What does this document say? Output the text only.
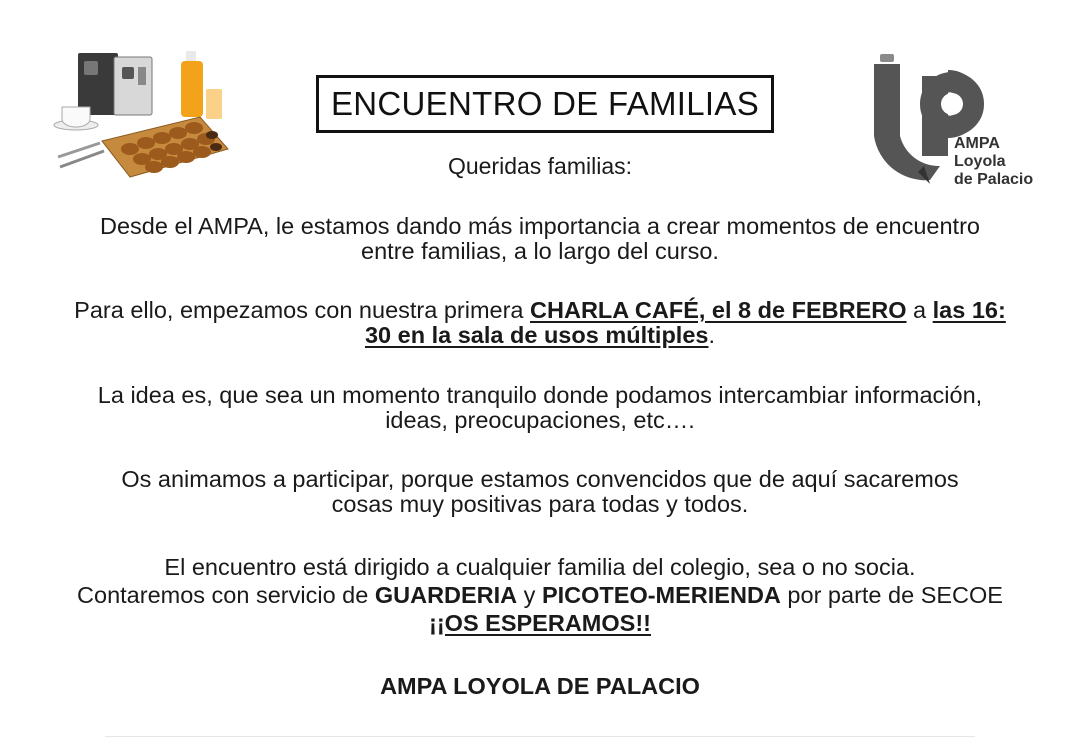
ENCUENTRO DE FAMILIAS
AMPA
Loyola
de Palacio

Queridas familias:

Desde el AMPA, le estamos dando más importancia a crear momentos de encuentro
entre familias, a lo largo del curso.
Para ello, empezamos con nuestra primera CHARLA CAFÉ, el 8 de FEBRERO a las 16:
30 en la sala de usos múltiples.
La idea es, que sea un momento tranquilo donde podamos intercambiar información,
ideas, preocupaciones, etc….
Os animamos a participar, porque estamos convencidos que de aquí sacaremos
cosas muy positivas para todas y todos.
El encuentro está dirigido a cualquier familia del colegio, sea o no socia.
Contaremos con servicio de GUARDERIA y PICOTEO-MERIENDA por parte de SECOE
¡¡OS ESPERAMOS!!
AMPA LOYOLA DE PALACIO
